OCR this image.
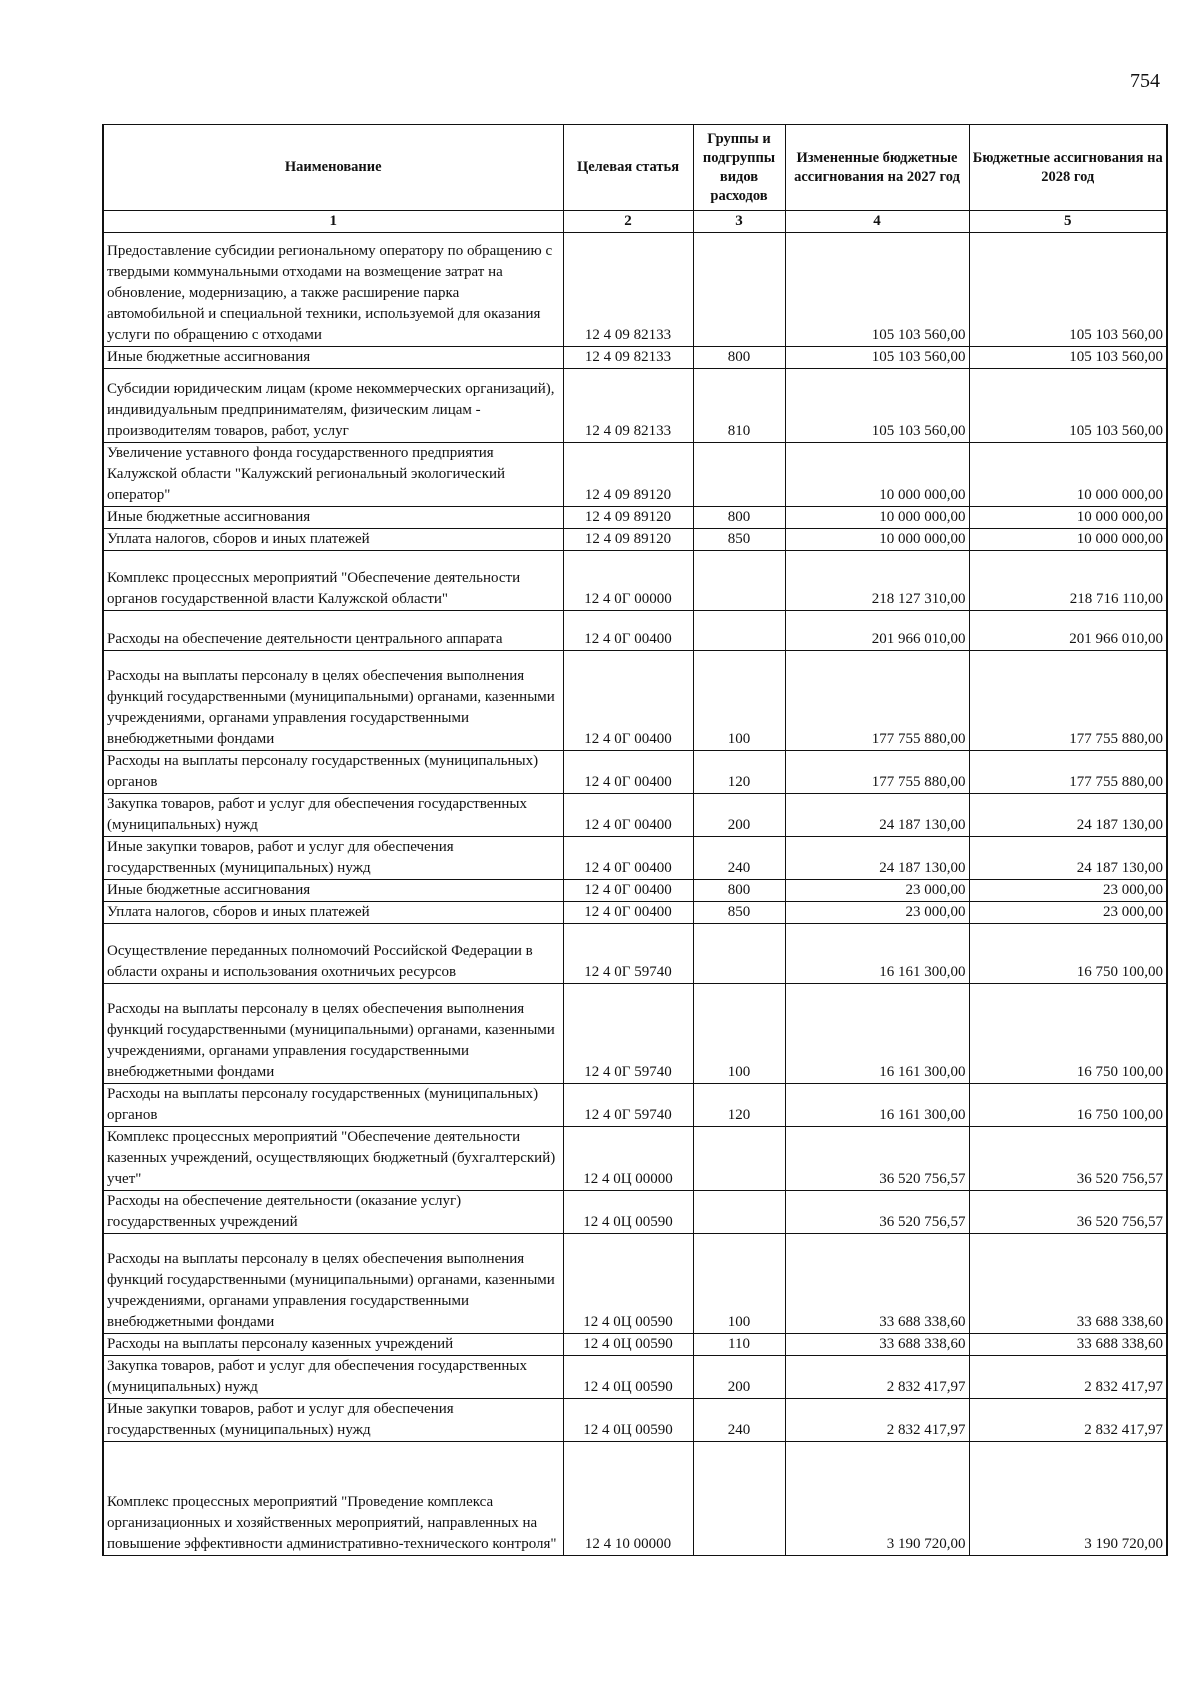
754
Наименование	Целевая статья	Группы и подгруппы видов расходов	Измененные бюджетные ассигнования на 2027 год	Бюджетные ассигнования на 2028 год
1	2	3	4	5
Предоставление субсидии региональному оператору по обращению с твердыми коммунальными отходами на возмещение затрат на обновление, модернизацию, а также расширение парка автомобильной и специальной техники, используемой для оказания услуги по обращению с отходами	12 4 09 82133		105 103 560,00	105 103 560,00
Иные бюджетные ассигнования	12 4 09 82133	800	105 103 560,00	105 103 560,00
Субсидии юридическим лицам (кроме некоммерческих организаций), индивидуальным предпринимателям, физическим лицам - производителям товаров, работ, услуг	12 4 09 82133	810	105 103 560,00	105 103 560,00
Увеличение уставного фонда государственного предприятия Калужской области "Калужский региональный экологический оператор"	12 4 09 89120		10 000 000,00	10 000 000,00
Иные бюджетные ассигнования	12 4 09 89120	800	10 000 000,00	10 000 000,00
Уплата налогов, сборов и иных платежей	12 4 09 89120	850	10 000 000,00	10 000 000,00
Комплекс процессных мероприятий "Обеспечение деятельности органов государственной власти Калужской области"	12 4 0Г 00000		218 127 310,00	218 716 110,00
Расходы на обеспечение деятельности центрального аппарата	12 4 0Г 00400		201 966 010,00	201 966 010,00
Расходы на выплаты персоналу в целях обеспечения выполнения функций государственными (муниципальными) органами, казенными учреждениями, органами управления государственными внебюджетными фондами	12 4 0Г 00400	100	177 755 880,00	177 755 880,00
Расходы на выплаты персоналу государственных (муниципальных) органов	12 4 0Г 00400	120	177 755 880,00	177 755 880,00
Закупка товаров, работ и услуг для обеспечения государственных (муниципальных) нужд	12 4 0Г 00400	200	24 187 130,00	24 187 130,00
Иные закупки товаров, работ и услуг для обеспечения государственных (муниципальных) нужд	12 4 0Г 00400	240	24 187 130,00	24 187 130,00
Иные бюджетные ассигнования	12 4 0Г 00400	800	23 000,00	23 000,00
Уплата налогов, сборов и иных платежей	12 4 0Г 00400	850	23 000,00	23 000,00
Осуществление переданных полномочий Российской Федерации в области охраны и использования охотничьих ресурсов	12 4 0Г 59740		16 161 300,00	16 750 100,00
Расходы на выплаты персоналу в целях обеспечения выполнения функций государственными (муниципальными) органами, казенными учреждениями, органами управления государственными внебюджетными фондами	12 4 0Г 59740	100	16 161 300,00	16 750 100,00
Расходы на выплаты персоналу государственных (муниципальных) органов	12 4 0Г 59740	120	16 161 300,00	16 750 100,00
Комплекс процессных мероприятий "Обеспечение деятельности казенных учреждений, осуществляющих бюджетный (бухгалтерский) учет"	12 4 0Ц 00000		36 520 756,57	36 520 756,57
Расходы на обеспечение деятельности (оказание услуг) государственных учреждений	12 4 0Ц 00590		36 520 756,57	36 520 756,57
Расходы на выплаты персоналу в целях обеспечения выполнения функций государственными (муниципальными) органами, казенными учреждениями, органами управления государственными внебюджетными фондами	12 4 0Ц 00590	100	33 688 338,60	33 688 338,60
Расходы на выплаты персоналу казенных учреждений	12 4 0Ц 00590	110	33 688 338,60	33 688 338,60
Закупка товаров, работ и услуг для обеспечения государственных (муниципальных) нужд	12 4 0Ц 00590	200	2 832 417,97	2 832 417,97
Иные закупки товаров, работ и услуг для обеспечения государственных (муниципальных) нужд	12 4 0Ц 00590	240	2 832 417,97	2 832 417,97
Комплекс процессных мероприятий "Проведение комплекса организационных и хозяйственных мероприятий, направленных на повышение эффективности административно-технического контроля"	12 4 10 00000		3 190 720,00	3 190 720,00
